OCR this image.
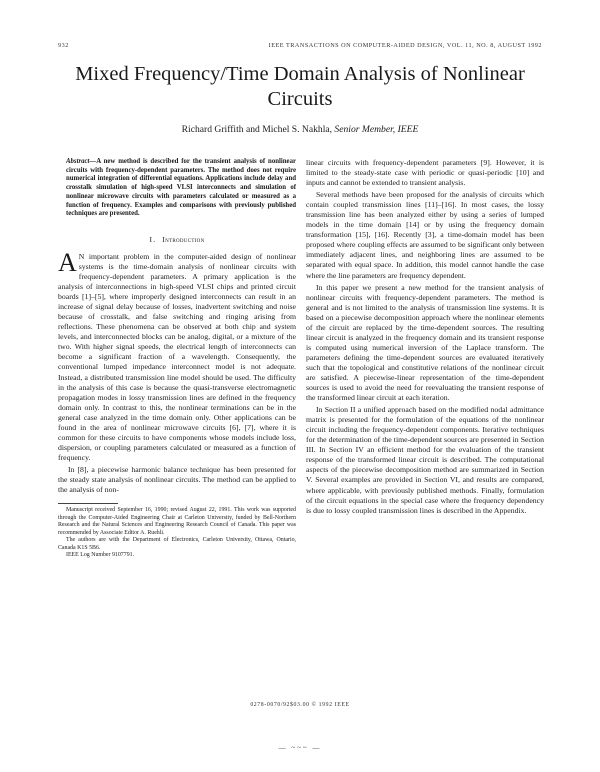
932	IEEE TRANSACTIONS ON COMPUTER-AIDED DESIGN, VOL. 11, NO. 8, AUGUST 1992
Mixed Frequency/Time Domain Analysis of Nonlinear Circuits
Richard Griffith and Michel S. Nakhla, Senior Member, IEEE

Abstract—A new method is described for the transient analysis of nonlinear circuits with frequency-dependent parameters. The method does not require numerical integration of differential equations. Applications include delay and crosstalk simulation of high-speed VLSI interconnects and simulation of nonlinear microwave circuits with parameters calculated or measured as a function of frequency. Examples and comparisons with previously published techniques are presented.

I. Introduction

A N important problem in the computer-aided design of nonlinear systems is the time-domain analysis of nonlinear circuits with frequency-dependent parameters. A primary application is the analysis of interconnections in high-speed VLSI chips and printed circuit boards [1]–[5], where improperly designed interconnects can result in an increase of signal delay because of losses, inadvertent switching and noise because of crosstalk, and false switching and ringing arising from reflections. These phenomena can be observed at both chip and system levels, and interconnected blocks can be analog, digital, or a mixture of the two. With higher signal speeds, the electrical length of interconnects can become a significant fraction of a wavelength. Consequently, the conventional lumped impedance interconnect model is not adequate. Instead, a distributed transmission line model should be used. The difficulty in the analysis of this case is because the quasi-transverse electromagnetic propagation modes in lossy transmission lines are defined in the frequency domain only. In contrast to this, the nonlinear terminations can be in the general case analyzed in the time domain only. Other applications can be found in the area of nonlinear microwave circuits [6], [7], where it is common for these circuits to have components whose models include loss, dispersion, or coupling parameters calculated or measured as a function of frequency.

In [8], a piecewise harmonic balance technique has been presented for the steady state analysis of nonlinear circuits. The method can be applied to the analysis of non-

Manuscript received September 16, 1990; revised August 22, 1991. This work was supported through the Computer-Aided Engineering Chair at Carleton University, funded by Bell-Northern Research and the Natural Sciences and Engineering Research Council of Canada. This paper was recommended by Associate Editor A. Ruehli.

The authors are with the Department of Electronics, Carleton University, Ottawa, Ontario, Canada K1S 5B6.

IEEE Log Number 9107791.

linear circuits with frequency-dependent parameters [9]. However, it is limited to the steady-state case with periodic or quasi-periodic [10] and inputs and cannot be extended to transient analysis.

Several methods have been proposed for the analysis of circuits which contain coupled transmission lines [11]–[16]. In most cases, the lossy transmission line has been analyzed either by using a series of lumped models in the time domain [14] or by using the frequency domain transformation [15], [16]. Recently [3], a time-domain model has been proposed where coupling effects are assumed to be significant only between immediately adjacent lines, and neighboring lines are assumed to be separated with equal space. In addition, this model cannot handle the case where the line parameters are frequency dependent.

In this paper we present a new method for the transient analysis of nonlinear circuits with frequency-dependent parameters. The method is general and is not limited to the analysis of transmission line systems. It is based on a piecewise decomposition approach where the nonlinear elements of the circuit are replaced by the time-dependent sources. The resulting linear circuit is analyzed in the frequency domain and its transient response is computed using numerical inversion of the Laplace transform. The parameters defining the time-dependent sources are evaluated iteratively such that the topological and constitutive relations of the nonlinear circuit are satisfied. A piecewise-linear representation of the time-dependent sources is used to avoid the need for reevaluating the transient response of the transformed linear circuit at each iteration.

In Section II a unified approach based on the modified nodal admittance matrix is presented for the formulation of the equations of the nonlinear circuit including the frequency-dependent components. Iterative techniques for the determination of the time-dependent sources are presented in Section III. In Section IV an efficient method for the evaluation of the transient response of the transformed linear circuit is described. The computational aspects of the piecewise decomposition method are summarized in Section V. Several examples are provided in Section VI, and results are compared, where applicable, with previously published methods. Finally, formulation of the circuit equations in the special case where the frequency dependency is due to lossy coupled transmission lines is described in the Appendix.

0278-0070/92$03.00 © 1992 IEEE
— ~~~ —
